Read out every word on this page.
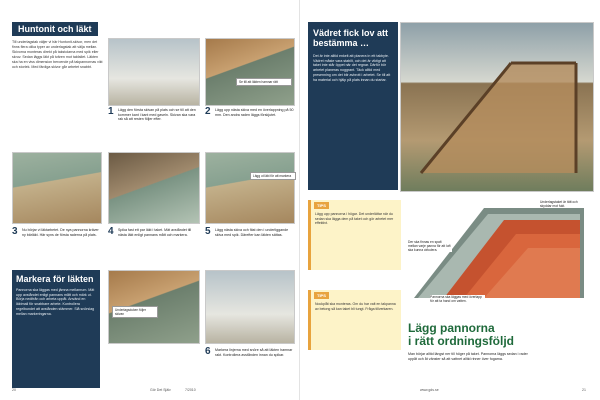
Huntonit och läkt
Till underlagstak väljer vi här Huntonit-skivor, men det finns flera olika typer av underlagstak att välja mellan. Skivorna monteras direkt på takstolarna med spik eller skruv. Sedan läggs läkt på tvären mot takfallet. Läkten ska ha en viss dimension beroende på takpannornas vikt och storlek. Med färdiga skivor går arbetet snabbt.
1 Lägg den första skivan på plats och se till att den kommer kant i kant med gaveln. Skivan ska vara rak så att resten följer efter.
Se till att läkten hamnar rätt
2 Lägg upp nästa skiva med en överlappning på 50 mm. Den andra raden läggs förskjutet.
3 Nu börjar vi läktarbetet. De nya pannorna kräver ny bärläkt. Här syns de första raderna på plats.	4 Spika fast ett par läkt i taket. Mät avståndet till nästa läkt enligt pannans mått och markera.
Lägg ut läkt för att markera
5 Lägg nästa skiva och fäst den i underliggande skiva med spik. Därefter kan läkten sättas.
Markera för läkten
Pannorna ska läggas med jämna mellanrum. Mät upp avståndet enligt pannans mått och märk ut. Börja nedifrån och arbeta uppåt. Använd en läktmall för snabbare arbete. Kontrollera regelbundet att avstånden stämmer. Slå snörslag mellan markeringarna.
Underlagsduken följer skivan
6 Markera linjerna med snöre så att läkten hamnar rakt. Kontrollera avstånden innan du spikar.
20	Gör Det Själv	7/2010
Vädret fick lov att bestämma …
Det är inte alltid enkelt att planera in ett takbyte. Vädret måste vara stabilt, och det är viktigt att taket inte står öppet när det regnar. Därför bör arbetet planeras noggrant. Täck alltid med presenning om det blir avbrott i arbetet. Se till att ha material och hjälp på plats innan du startar.
TIPS
Lägg upp pannorna i högar. Det underlättar när du sedan ska lägga dem på taket och gör arbetet mer effektivt.
TIPS
Nockplåt ska monteras. Om du har valt en takpanna av betong så kan taket bli tungt. Fråga tillverkaren.
Der ska finnas en spalt mellan varje panna för att luft ska kunna cirkulera.
Underlagstaket är tätt och skyddar mot fukt.
Pannorna ska läggas med överlapp för att ta hand om vatten.
Lägg pannorna
i rätt ordningsföljd
Man börjar alltid längst ner till höger på taket. Pannorna läggs sedan i rader uppåt och åt vänster så att vattnet alltid rinner över fogarna.
www.gds.se	21
